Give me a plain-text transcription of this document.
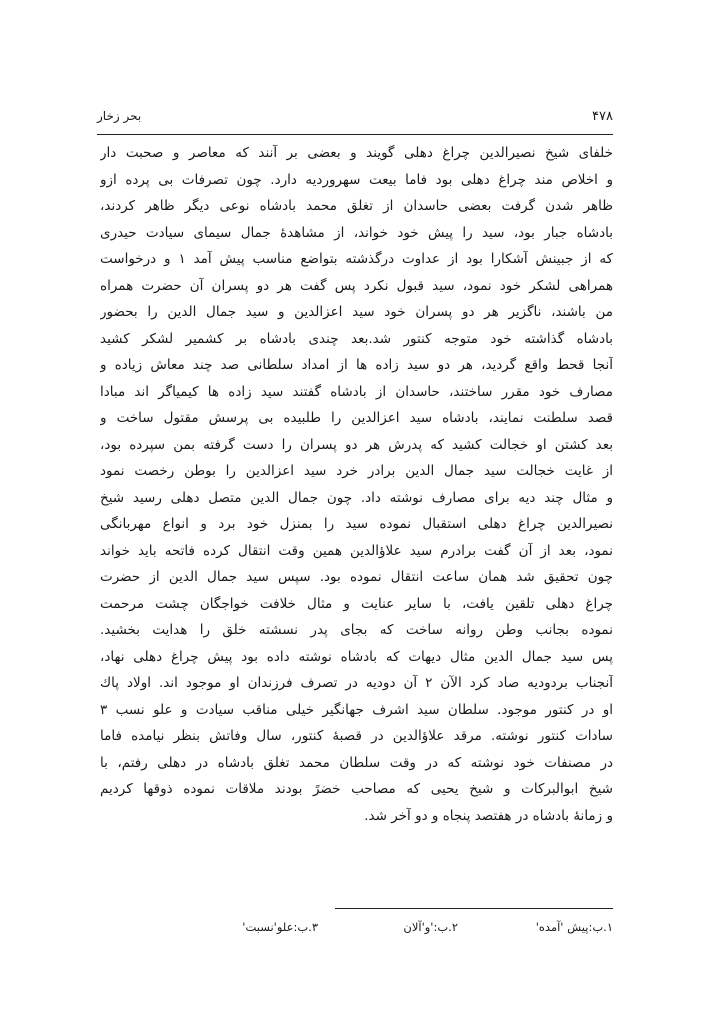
بحر زخار	۴۷۸
خلفای شیخ نصیرالدین چراغ دهلی گویند و بعضی بر آنند که معاصر و صحبت دار
و اخلاص مند چراغ دهلی بود فاما بیعت سهروردیه دارد. چون تصرفات بی پرده ازو
ظاهر شدن گرفت بعضی حاسدان از تغلق محمد بادشاه نوعی دیگر ظاهر کردند،
بادشاه جبار بود، سید را پیش خود خواند، از مشاهدهٔ جمال سیمای سیادت حیدری
که از جبینش آشکارا بود از عداوت درگذشته بتواضع مناسب پیش آمد ۱ و درخواست
همراهی لشکر خود نمود، سید قبول نکرد پس گفت هر دو پسران آن حضرت همراه
من باشند، ناگزیر هر دو پسران خود سید اعزالدین و سید جمال الدین را بحضور
بادشاه گذاشته خود متوجه کنتور شد.بعد چندی بادشاه بر کشمیر لشکر کشید
آنجا قحط واقع گردید، هر دو سید زاده ها از امداد سلطانی صد چند معاش زیاده و
مصارف خود مقرر ساختند، حاسدان از بادشاه گفتند سید زاده ها کیمیاگر اند مبادا
قصد سلطنت نمایند، بادشاه سید اعزالدین را طلبیده بی پرسش مقتول ساخت و
بعد کشتن او خجالت کشید که پدرش هر دو پسران را دست گرفته بمن سپرده بود،
از غایت خجالت سید جمال الدین برادر خرد سید اعزالدین را بوطن رخصت نمود
و مثال چند دیه برای مصارف نوشته داد. چون جمال الدین متصل دهلی رسید شیخ
نصیرالدین چراغ دهلی استقبال نموده سید را بمنزل خود برد و انواع مهربانگی
نمود، بعد از آن گفت برادرم سید علاؤالدین همین وقت انتقال کرده فاتحه باید خواند
چون تحقیق شد همان ساعت انتقال نموده بود. سپس سید جمال الدین از حضرت
چراغ دهلی تلقین یافت، با سایر عنایت و مثال خلافت خواجگان چشت مرحمت
نموده بجانب وطن روانه ساخت که بجای پدر نسشته خلق را هدایت بخشید.
پس سید جمال الدین مثال دیهات که بادشاه نوشته داده بود پیش چراغ دهلی نهاد،
آنجناب بردودیه صاد کرد الآن ۲ آن دودیه در تصرف فرزندان او موجود اند. اولاد پاك
او در کنتور موجود. سلطان سید اشرف جهانگیر خیلی مناقب سیادت و علو نسب ۳
سادات کنتور نوشته. مرقد علاؤالدین در قصبهٔ کنتور، سال وفاتش بنظر نیامده فاما
در مصنفات خود نوشته که در وقت سلطان محمد تغلق بادشاه در دهلی رفتم، با
شیخ ابوالبرکات و شیخ یحیی که مصاحب خضرً بودند ملاقات نموده ذوقها کردیم
و زمانهٔ بادشاه در هفتصد پنجاه و دو آخر شد.
۱.ب:پیش 'آمده'
۲.ب:'و'آلان
۳.ب:علو'نسبت'
